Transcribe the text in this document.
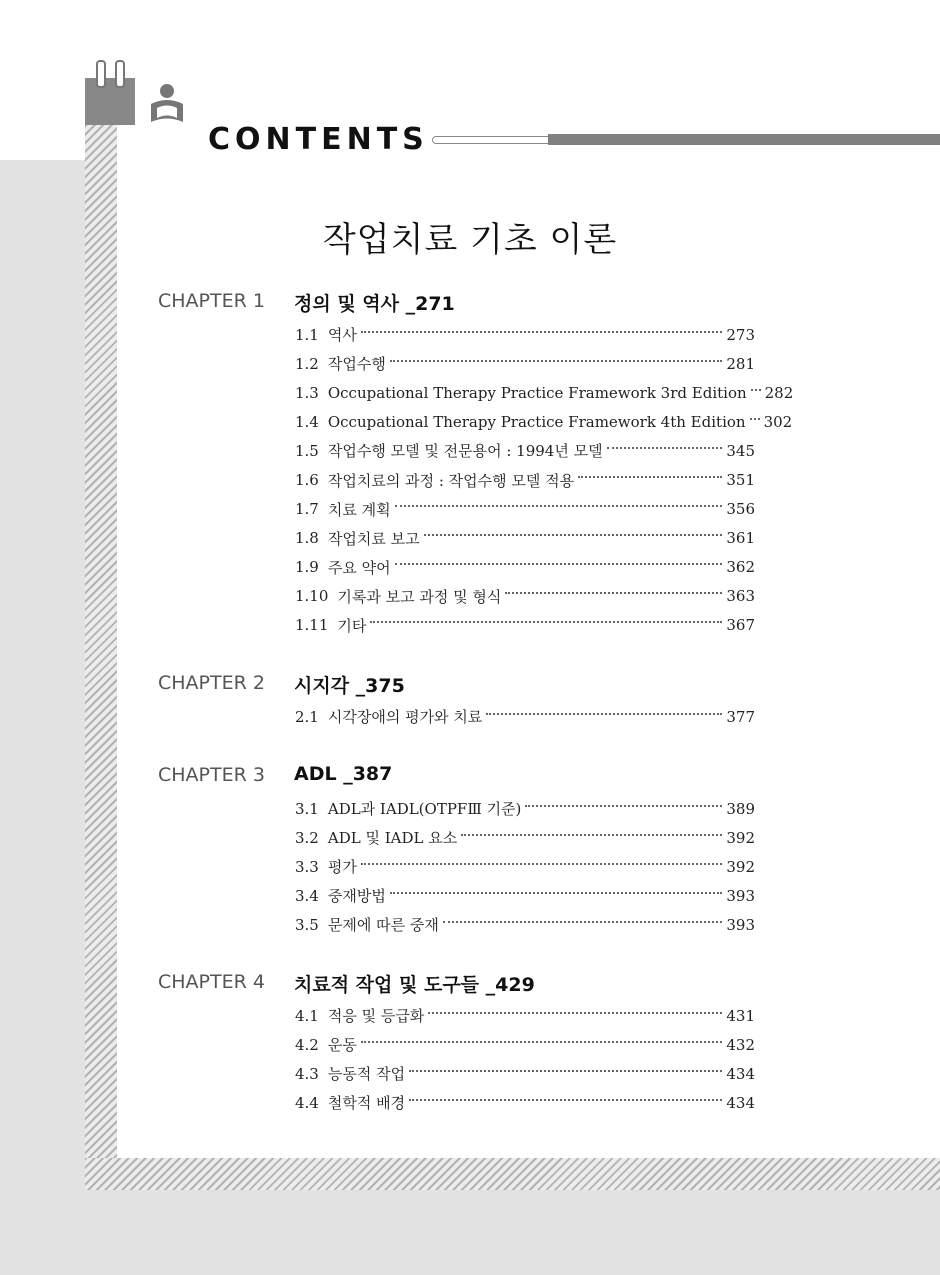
CONTENTS
작업치료 기초 이론
CHAPTER 1 정의 및 역사 _271
1.1 역사	273
1.2 작업수행	281
1.3 Occupational Therapy Practice Framework 3rd Edition 282
1.4 Occupational Therapy Practice Framework 4th Edition 302
1.5 작업수행 모델 및 전문용어 : 1994년 모델	345
1.6 작업치료의 과정 : 작업수행 모델 적용	351
1.7 치료 계획	356
1.8 작업치료 보고	361
1.9 주요 약어	362
1.10 기록과 보고 과정 및 형식	363
1.11 기타	367
CHAPTER 2 시지각 _375
2.1 시각장애의 평가와 치료	377
CHAPTER 3 ADL _387
3.1 ADL과 IADL(OTPFⅢ 기준)	389
3.2 ADL 및 IADL 요소	392
3.3 평가	392
3.4 중재방법	393
3.5 문제에 따른 중재	393
CHAPTER 4 치료적 작업 및 도구들 _429
4.1 적응 및 등급화	431
4.2 운동	432
4.3 능동적 작업	434
4.4 철학적 배경	434
